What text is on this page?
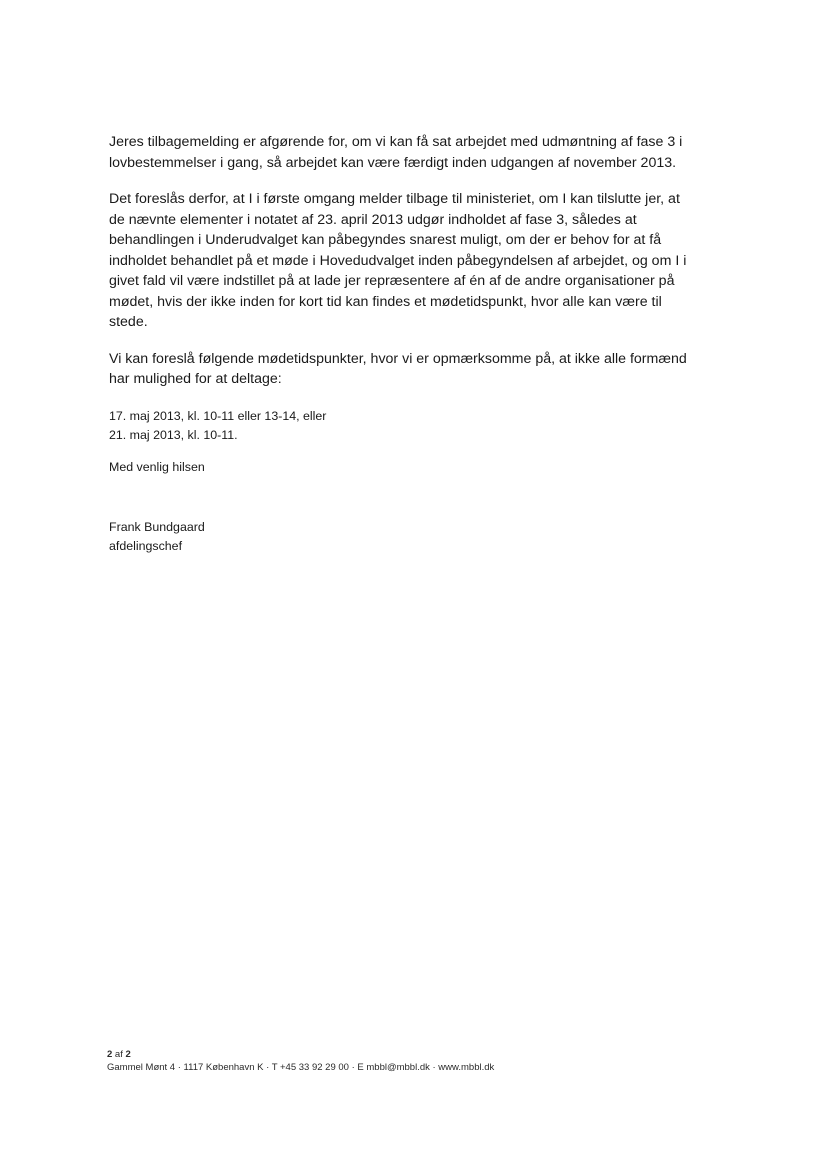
Jeres tilbagemelding er afgørende for, om vi kan få sat arbejdet med udmøntning af fase 3 i
lovbestemmelser i gang, så arbejdet kan være færdigt inden udgangen af november 2013.

Det foreslås derfor, at I i første omgang melder tilbage til ministeriet, om I kan tilslutte jer, at
de nævnte elementer i notatet af 23. april 2013 udgør indholdet af fase 3, således at
behandlingen i Underudvalget kan påbegyndes snarest muligt, om der er behov for at få
indholdet behandlet på et møde i Hovedudvalget inden påbegyndelsen af arbejdet, og om I i
givet fald vil være indstillet på at lade jer repræsentere af én af de andre organisationer på
mødet, hvis der ikke inden for kort tid kan findes et mødetidspunkt, hvor alle kan være til
stede.

Vi kan foreslå følgende mødetidspunkter, hvor vi er opmærksomme på, at ikke alle formænd
har mulighed for at deltage:

17. maj 2013, kl. 10-11 eller 13-14, eller
21. maj 2013, kl. 10-11.
Med venlig hilsen
Frank Bundgaard
afdelingschef
2 af 2
Gammel Mønt 4 · 1117 København K · T +45 33 92 29 00 · E mbbl@mbbl.dk · www.mbbl.dk
